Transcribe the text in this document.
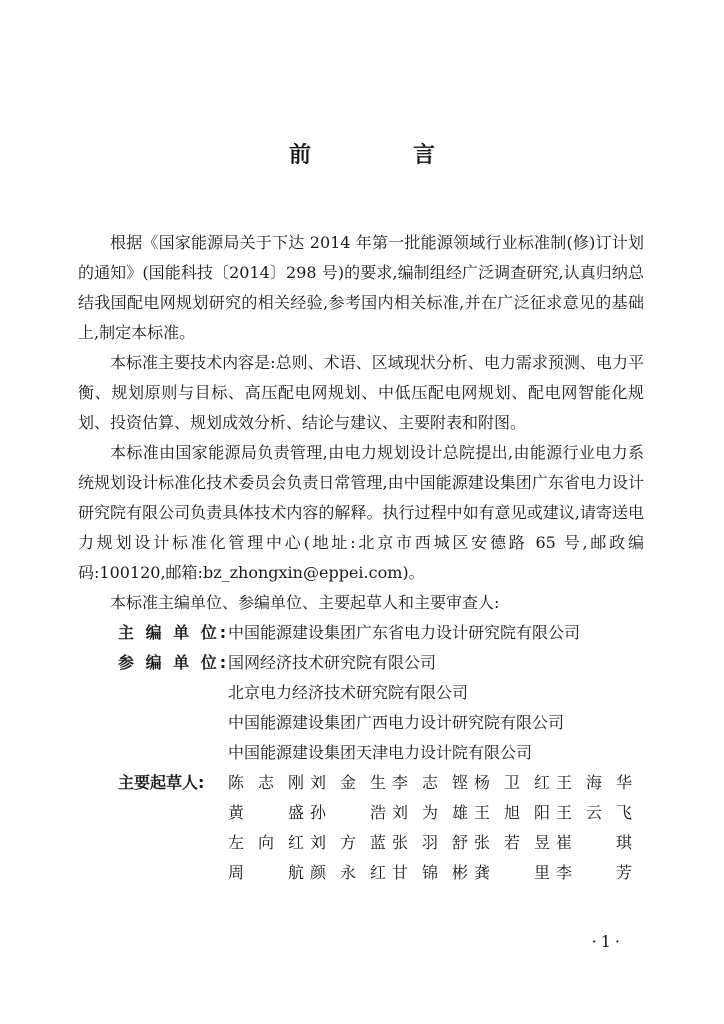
前　言

根据《国家能源局关于下达 2014 年第一批能源领域行业标准制(修)订计划的通知》(国能科技〔2014〕298 号)的要求,编制组经广泛调查研究,认真归纳总结我国配电网规划研究的相关经验,参考国内相关标准,并在广泛征求意见的基础上,制定本标准。

本标准主要技术内容是:总则、术语、区域现状分析、电力需求预测、电力平衡、规划原则与目标、高压配电网规划、中低压配电网规划、配电网智能化规划、投资估算、规划成效分析、结论与建议、主要附表和附图。

本标准由国家能源局负责管理,由电力规划设计总院提出,由能源行业电力系统规划设计标准化技术委员会负责日常管理,由中国能源建设集团广东省电力设计研究院有限公司负责具体技术内容的解释。执行过程中如有意见或建议,请寄送电力规划设计标准化管理中心(地址:北京市西城区安德路 65 号,邮政编码:100120,邮箱:bz_zhongxin@eppei.com)。

本标准主编单位、参编单位、主要起草人和主要审查人:

主 编 单 位:
中国能源建设集团广东省电力设计研究院有限公司
参 编 单 位:
国网经济技术研究院有限公司
北京电力经济技术研究院有限公司
中国能源建设集团广西电力设计研究院有限公司
中国能源建设集团天津电力设计院有限公司
主要起草人:	陈志刚 刘金生 李志铿 杨卫红 王海华
黄　盛 孙　浩 刘为雄 王旭阳 王云飞
左向红 刘方蓝 张羽舒 张若昱 崔　琪
周　航 颜永红 甘锦彬 龚　里 李　芳
·1·
